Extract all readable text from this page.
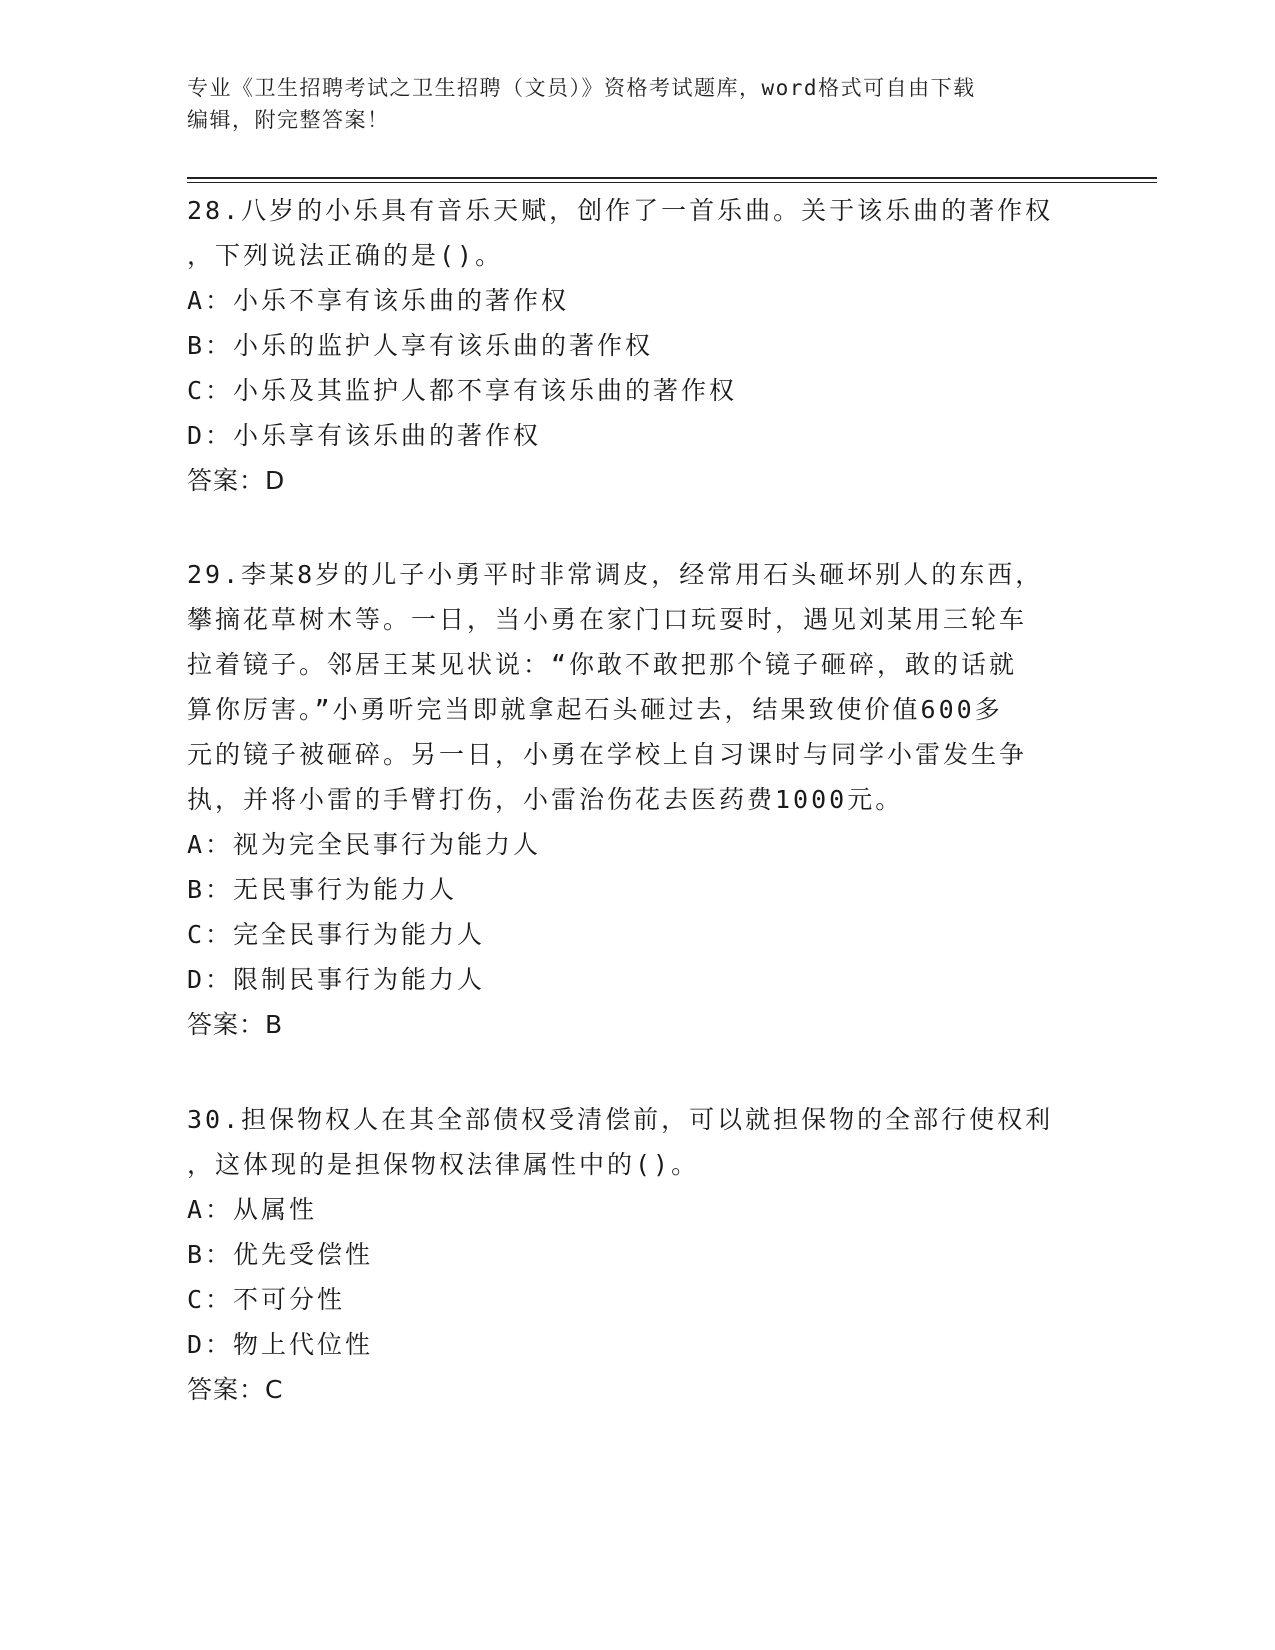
专业《卫生招聘考试之卫生招聘（文员）》资格考试题库，word格式可自由下载
编辑，附完整答案！

28.八岁的小乐具有音乐天赋，创作了一首乐曲。关于该乐曲的著作权

，下列说法正确的是()。

A：小乐不享有该乐曲的著作权

B：小乐的监护人享有该乐曲的著作权

C：小乐及其监护人都不享有该乐曲的著作权

D：小乐享有该乐曲的著作权

答案：D

29.李某8岁的儿子小勇平时非常调皮，经常用石头砸坏别人的东西，

攀摘花草树木等。一日，当小勇在家门口玩耍时，遇见刘某用三轮车

拉着镜子。邻居王某见状说：“你敢不敢把那个镜子砸碎，敢的话就

算你厉害。”小勇听完当即就拿起石头砸过去，结果致使价值600多

元的镜子被砸碎。另一日，小勇在学校上自习课时与同学小雷发生争

执，并将小雷的手臂打伤，小雷治伤花去医药费1000元。

A：视为完全民事行为能力人

B：无民事行为能力人

C：完全民事行为能力人

D：限制民事行为能力人

答案：B

30.担保物权人在其全部债权受清偿前，可以就担保物的全部行使权利

，这体现的是担保物权法律属性中的()。

A：从属性

B：优先受偿性

C：不可分性

D：物上代位性

答案：C
